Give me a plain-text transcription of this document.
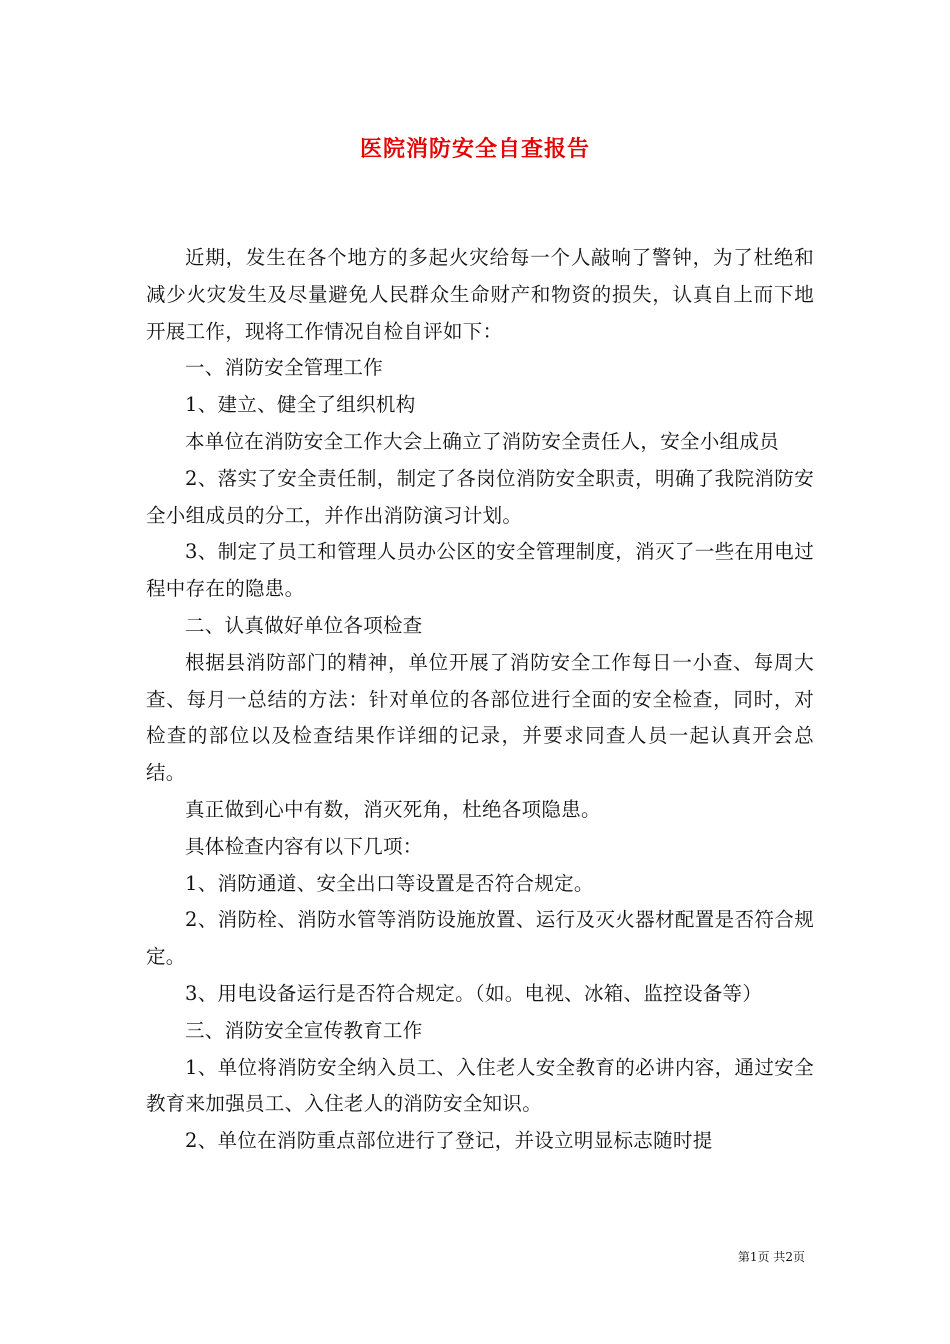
医院消防安全自查报告

近期，发生在各个地方的多起火灾给每一个人敲响了警钟，为了杜绝和减少火灾发生及尽量避免人民群众生命财产和物资的损失，认真自上而下地开展工作，现将工作情况自检自评如下：

一、消防安全管理工作

1、建立、健全了组织机构

本单位在消防安全工作大会上确立了消防安全责任人，安全小组成员

2、落实了安全责任制，制定了各岗位消防安全职责，明确了我院消防安全小组成员的分工，并作出消防演习计划。

3、制定了员工和管理人员办公区的安全管理制度，消灭了一些在用电过程中存在的隐患。

二、认真做好单位各项检查

根据县消防部门的精神，单位开展了消防安全工作每日一小查、每周大查、每月一总结的方法：针对单位的各部位进行全面的安全检查，同时，对检查的部位以及检查结果作详细的记录，并要求同查人员一起认真开会总结。

真正做到心中有数，消灭死角，杜绝各项隐患。

具体检查内容有以下几项：

1、消防通道、安全出口等设置是否符合规定。

2、消防栓、消防水管等消防设施放置、运行及灭火器材配置是否符合规定。

3、用电设备运行是否符合规定。（如。电视、冰箱、监控设备等）

三、消防安全宣传教育工作

1、单位将消防安全纳入员工、入住老人安全教育的必讲内容，通过安全教育来加强员工、入住老人的消防安全知识。

2、单位在消防重点部位进行了登记，并设立明显标志随时提

第1页 共2页
